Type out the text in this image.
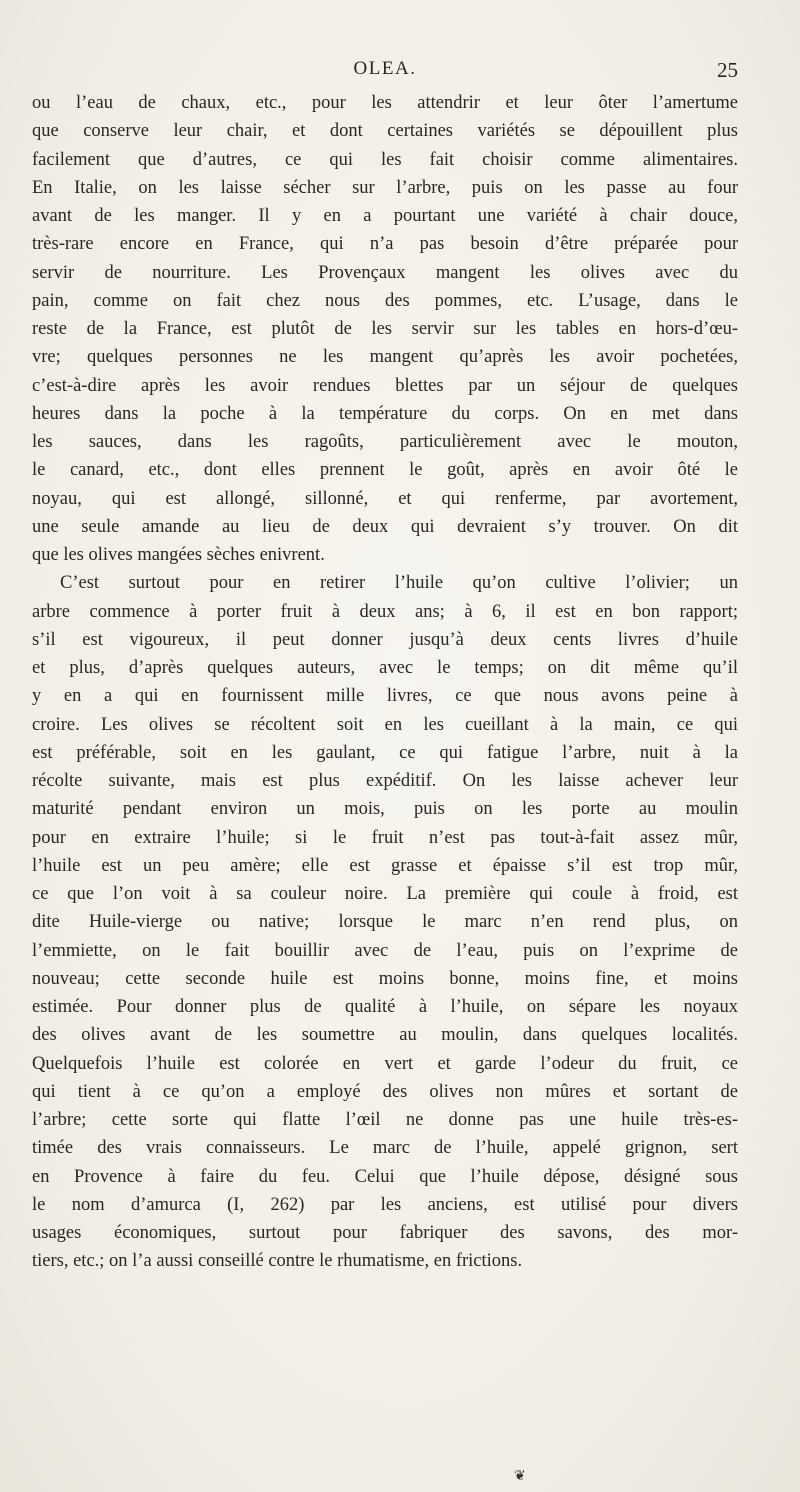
OLEA.	25
ou l’eau de chaux, etc., pour les attendrir et leur ôter l’amertume
que conserve leur chair, et dont certaines variétés se dépouillent plus
facilement que d’autres, ce qui les fait choisir comme alimentaires.
En Italie, on les laisse sécher sur l’arbre, puis on les passe au four
avant de les manger. Il y en a pourtant une variété à chair douce,
très-rare encore en France, qui n’a pas besoin d’être préparée pour
servir de nourriture. Les Provençaux mangent les olives avec du
pain, comme on fait chez nous des pommes, etc. L’usage, dans le
reste de la France, est plutôt de les servir sur les tables en hors-d’œu-
vre; quelques personnes ne les mangent qu’après les avoir pochetées,
c’est-à-dire après les avoir rendues blettes par un séjour de quelques
heures dans la poche à la température du corps. On en met dans
les sauces, dans les ragoûts, particulièrement avec le mouton,
le canard, etc., dont elles prennent le goût, après en avoir ôté le
noyau, qui est allongé, sillonné, et qui renferme, par avortement,
une seule amande au lieu de deux qui devraient s’y trouver. On dit
que les olives mangées sèches enivrent.
C’est surtout pour en retirer l’huile qu’on cultive l’olivier; un
arbre commence à porter fruit à deux ans; à 6, il est en bon rapport;
s’il est vigoureux, il peut donner jusqu’à deux cents livres d’huile
et plus, d’après quelques auteurs, avec le temps; on dit même qu’il
y en a qui en fournissent mille livres, ce que nous avons peine à
croire. Les olives se récoltent soit en les cueillant à la main, ce qui
est préférable, soit en les gaulant, ce qui fatigue l’arbre, nuit à la
récolte suivante, mais est plus expéditif. On les laisse achever leur
maturité pendant environ un mois, puis on les porte au moulin
pour en extraire l’huile; si le fruit n’est pas tout-à-fait assez mûr,
l’huile est un peu amère; elle est grasse et épaisse s’il est trop mûr,
ce que l’on voit à sa couleur noire. La première qui coule à froid, est
dite Huile-vierge ou native; lorsque le marc n’en rend plus, on
l’emmiette, on le fait bouillir avec de l’eau, puis on l’exprime de
nouveau; cette seconde huile est moins bonne, moins fine, et moins
estimée. Pour donner plus de qualité à l’huile, on sépare les noyaux
des olives avant de les soumettre au moulin, dans quelques localités.
Quelquefois l’huile est colorée en vert et garde l’odeur du fruit, ce
qui tient à ce qu’on a employé des olives non mûres et sortant de
l’arbre; cette sorte qui flatte l’œil ne donne pas une huile très-es-
timée des vrais connaisseurs. Le marc de l’huile, appelé grignon, sert
en Provence à faire du feu. Celui que l’huile dépose, désigné sous
le nom d’amurca (I, 262) par les anciens, est utilisé pour divers
usages économiques, surtout pour fabriquer des savons, des mor-
tiers, etc.; on l’a aussi conseillé contre le rhumatisme, en frictions.
❦
